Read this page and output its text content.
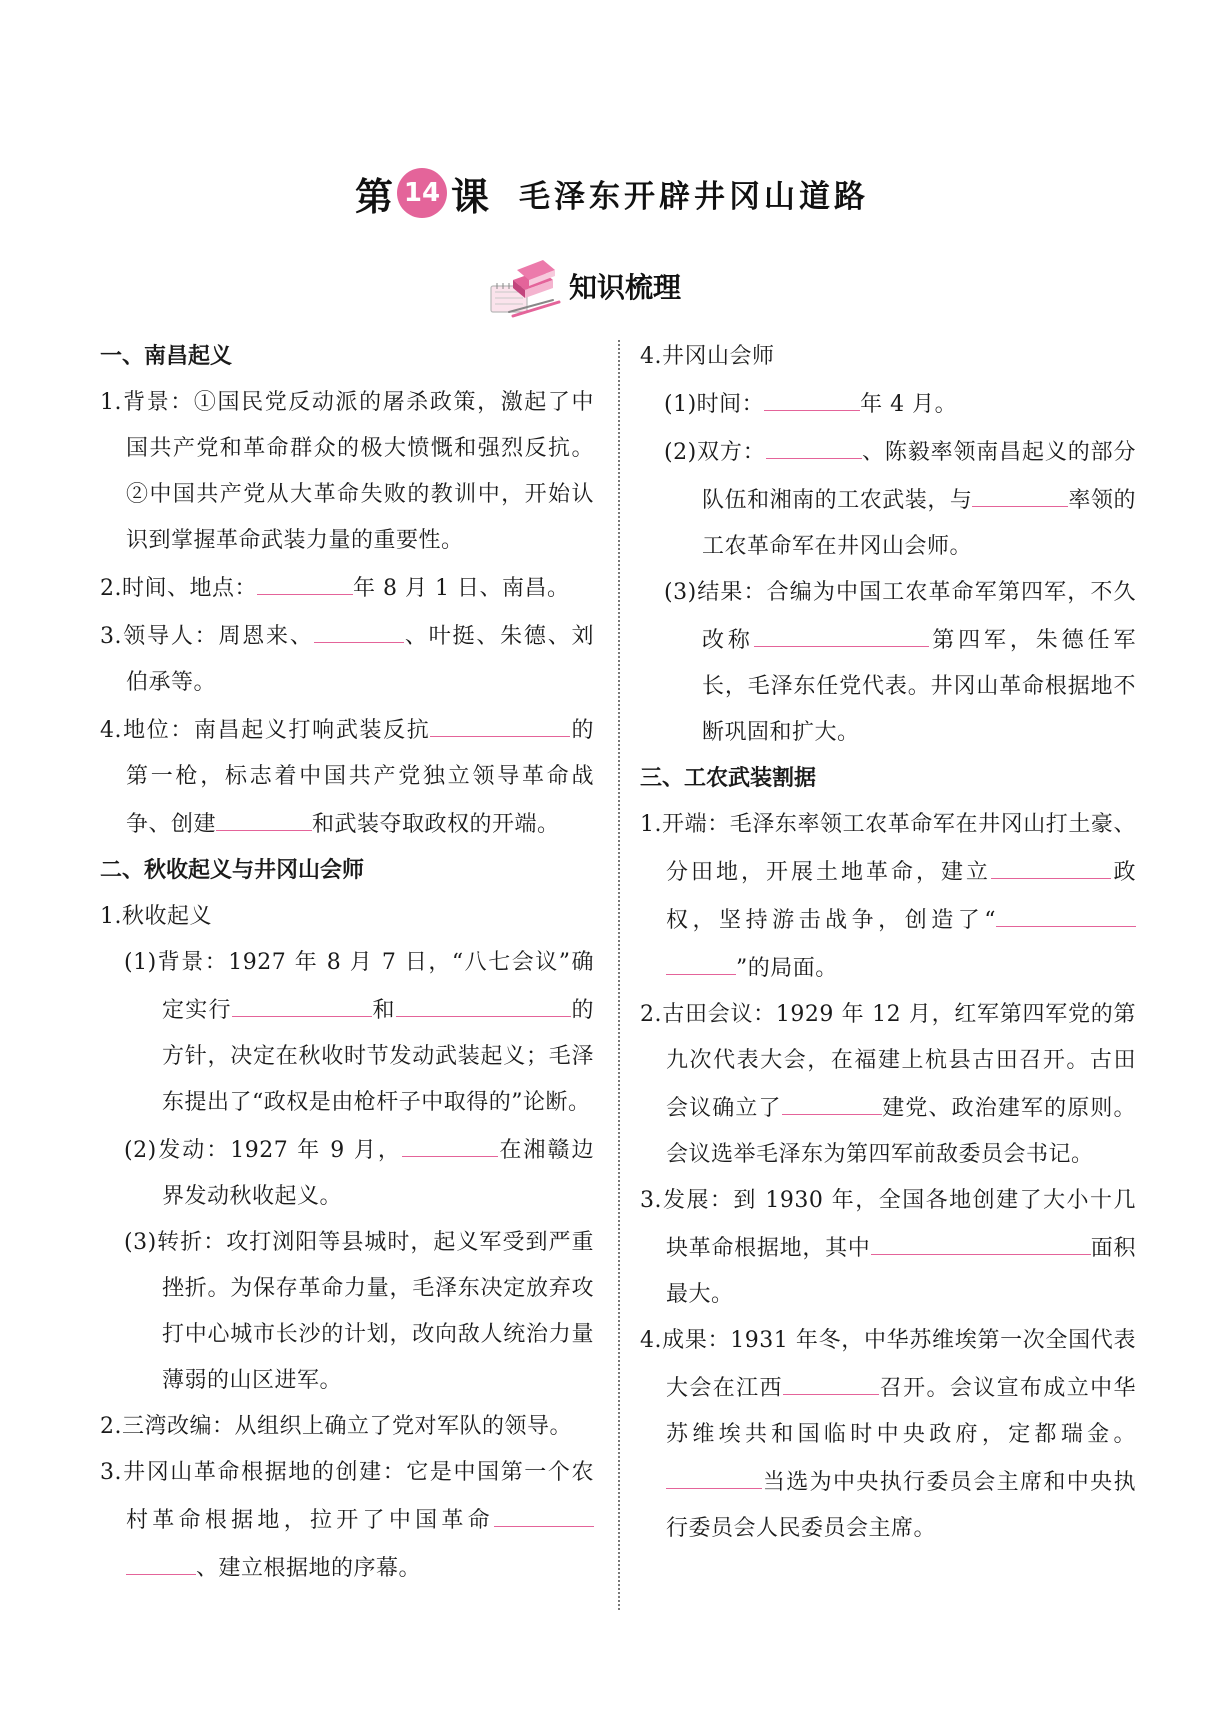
第 14 课 毛泽东开辟井冈山道路
知识梳理
一、南昌起义
1.背景：①国民党反动派的屠杀政策，激起了中国共产党和革命群众的极大愤慨和强烈反抗。②中国共产党从大革命失败的教训中，开始认识到掌握革命武装力量的重要性。
2.时间、地点：	年 8 月 1 日、南昌。
3.领导人：周恩来、	、叶挺、朱德、刘伯承等。
4.地位：南昌起义打响武装反抗	的第一枪，标志着中国共产党独立领导革命战争、创建	和武装夺取政权的开端。
二、秋收起义与井冈山会师
1.秋收起义
(1)背景：1927 年 8 月 7 日，“八七会议”确定实行	和	的方针，决定在秋收时节发动武装起义；毛泽东提出了“政权是由枪杆子中取得的”论断。
(2)发动：1927 年 9 月，	在湘赣边界发动秋收起义。
(3)转折：攻打浏阳等县城时，起义军受到严重挫折。为保存革命力量，毛泽东决定放弃攻打中心城市长沙的计划，改向敌人统治力量薄弱的山区进军。
2.三湾改编：从组织上确立了党对军队的领导。
3.井冈山革命根据地的创建：它是中国第一个农村革命根据地，拉开了中国革命、建立根据地的序幕。
4.井冈山会师
(1)时间：	年 4 月。
(2)双方：	、陈毅率领南昌起义的部分队伍和湘南的工农武装，与	率领的工农革命军在井冈山会师。
(3)结果：合编为中国工农革命军第四军，不久改称	第四军，朱德任军长，毛泽东任党代表。井冈山革命根据地不断巩固和扩大。
三、工农武装割据
1.开端：毛泽东率领工农革命军在井冈山打土豪、分田地，开展土地革命，建立	政权，坚持游击战争，创造了“”的局面。
2.古田会议：1929 年 12 月，红军第四军党的第九次代表大会，在福建上杭县古田召开。古田会议确立了	建党、政治建军的原则。会议选举毛泽东为第四军前敌委员会书记。
3.发展：到 1930 年，全国各地创建了大小十几块革命根据地，其中	面积最大。
4.成果：1931 年冬，中华苏维埃第一次全国代表大会在江西	召开。会议宣布成立中华苏维埃共和国临时中央政府，定都瑞金。当选为中央执行委员会主席和中央执行委员会人民委员会主席。
